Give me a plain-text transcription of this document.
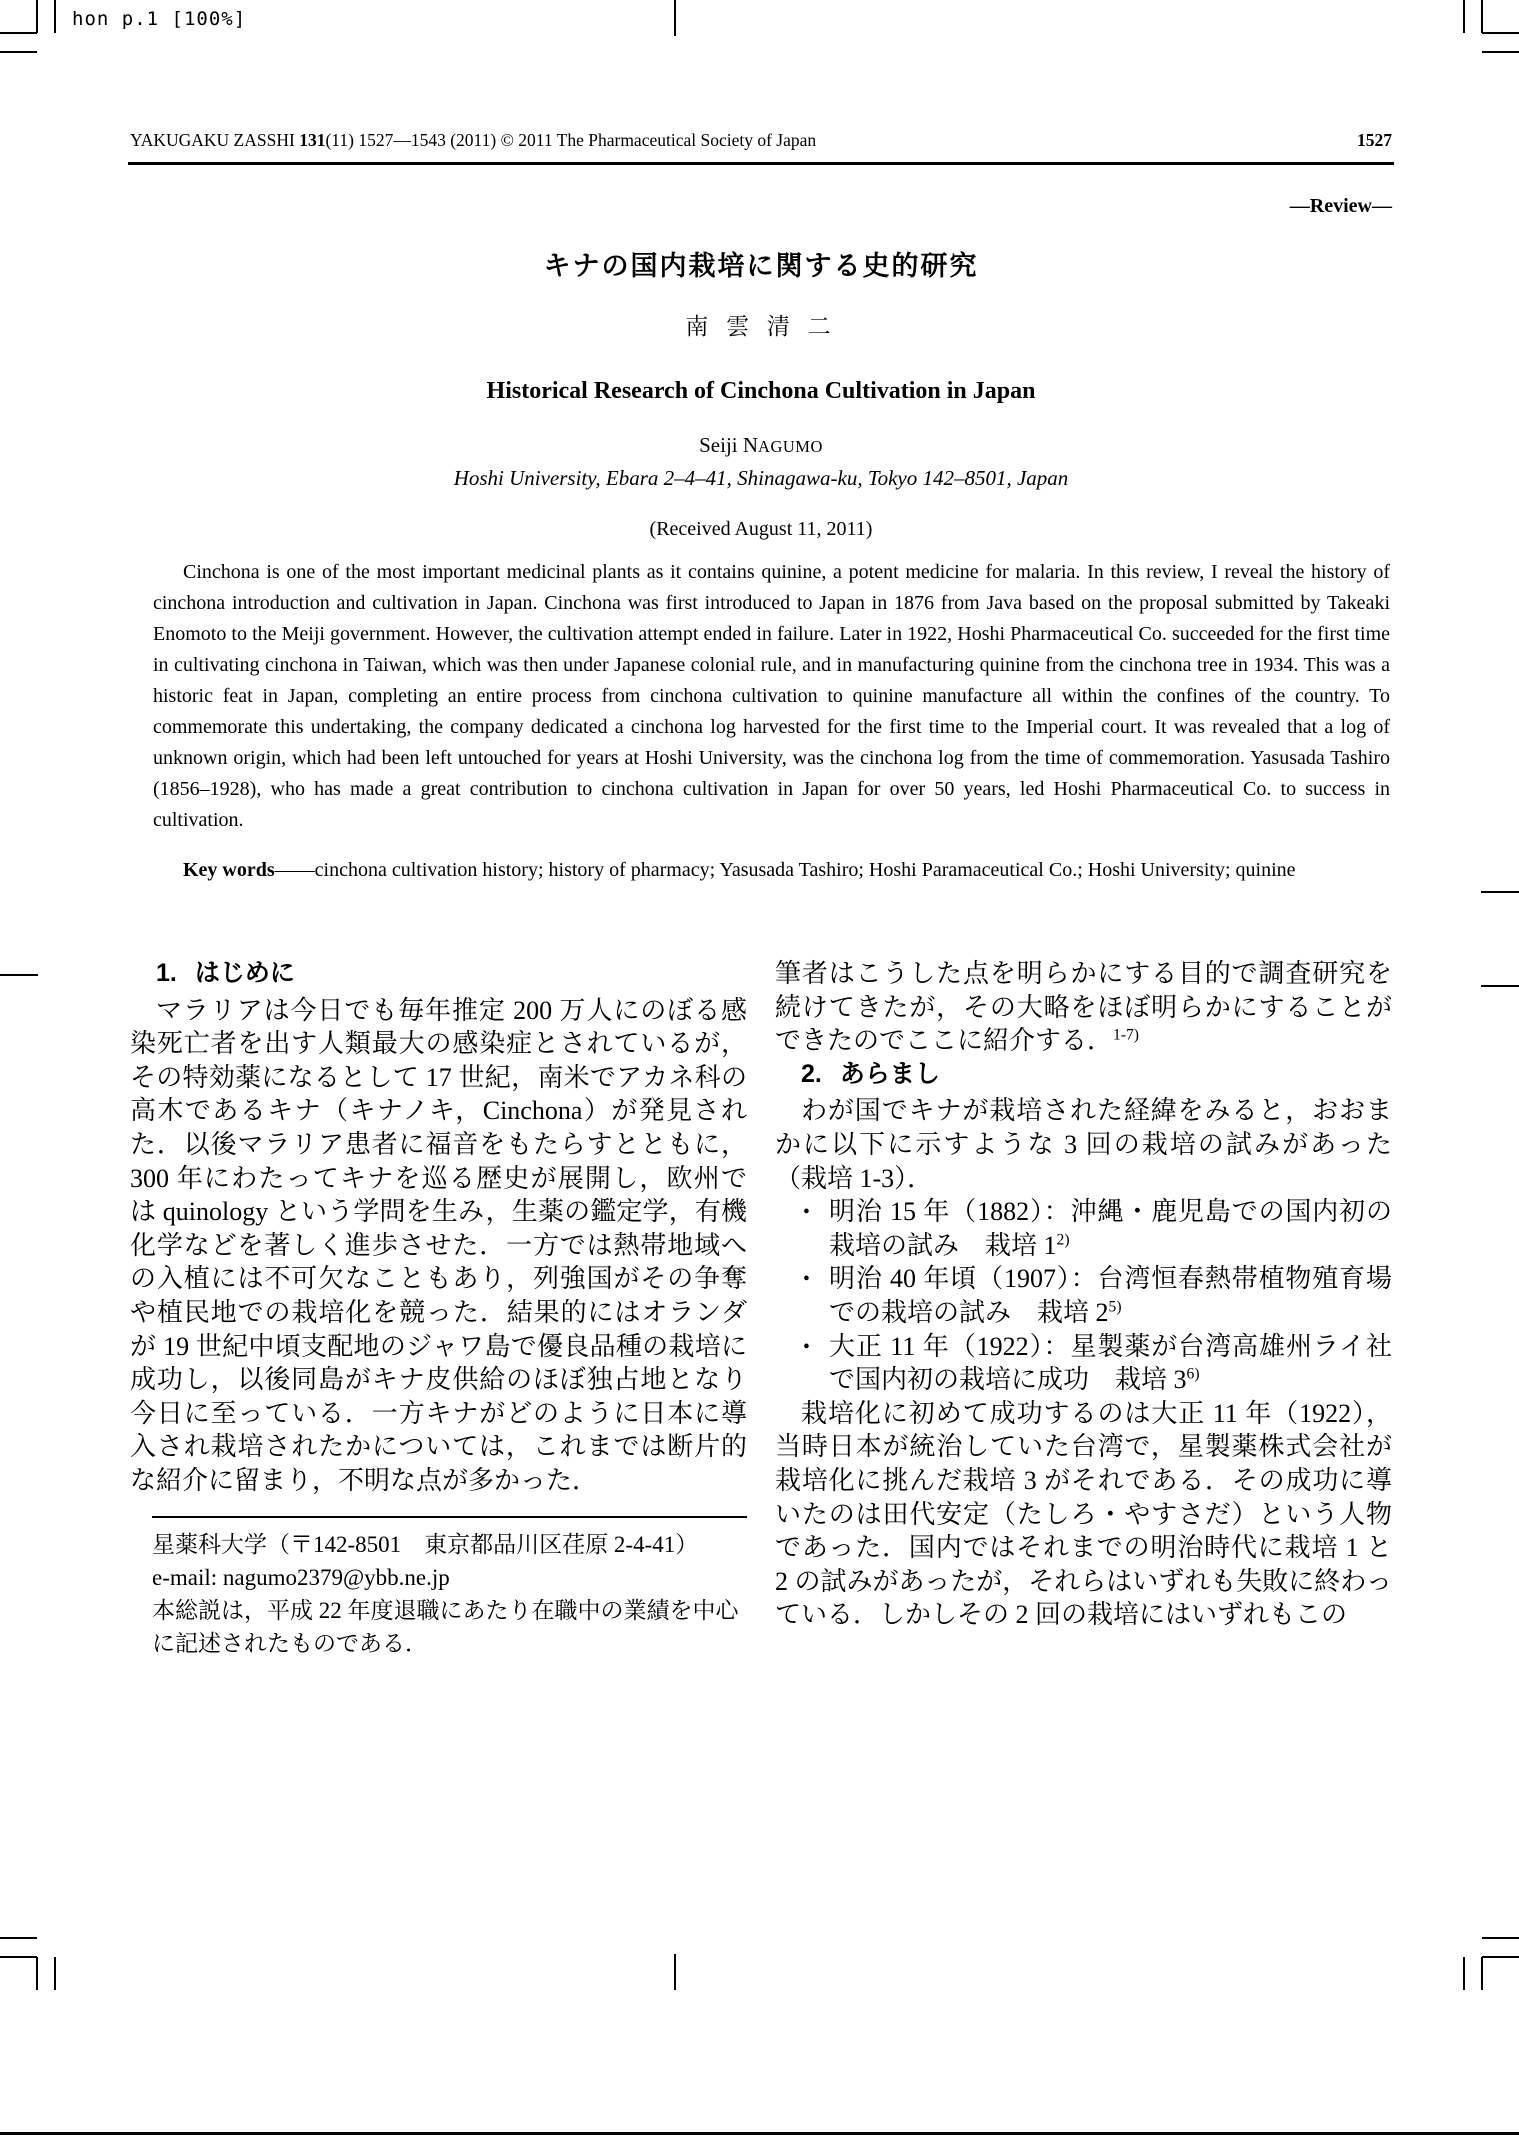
hon p.1 [100%]
YAKUGAKU ZASSHI 131(11) 1527—1543 (2011) © 2011 The Pharmaceutical Society of Japan	1527
—Review—
キナの国内栽培に関する史的研究
南 雲 清 二
Historical Research of Cinchona Cultivation in Japan
Seiji NAGUMO
Hoshi University, Ebara 2–4–41, Shinagawa-ku, Tokyo 142–8501, Japan
(Received August 11, 2011)
Cinchona is one of the most important medicinal plants as it contains quinine, a potent medicine for malaria. In this review, I reveal the history of cinchona introduction and cultivation in Japan. Cinchona was first introduced to Japan in 1876 from Java based on the proposal submitted by Takeaki Enomoto to the Meiji government. However, the cultivation attempt ended in failure. Later in 1922, Hoshi Pharmaceutical Co. succeeded for the first time in cultivating cinchona in Taiwan, which was then under Japanese colonial rule, and in manufacturing quinine from the cinchona tree in 1934. This was a historic feat in Japan, completing an entire process from cinchona cultivation to quinine manufacture all within the confines of the country. To commemorate this undertaking, the company dedicated a cinchona log harvested for the first time to the Imperial court. It was revealed that a log of unknown origin, which had been left untouched for years at Hoshi University, was the cinchona log from the time of commemoration. Yasusada Tashiro (1856–1928), who has made a great contribution to cinchona cultivation in Japan for over 50 years, led Hoshi Pharmaceutical Co. to success in cultivation.
Key words——cinchona cultivation history; history of pharmacy; Yasusada Tashiro; Hoshi Paramaceutical Co.; Hoshi University; quinine
1. はじめに

マラリアは今日でも毎年推定 200 万人にのぼる感染死亡者を出す人類最大の感染症とされているが，その特効薬になるとして 17 世紀，南米でアカネ科の高木であるキナ（キナノキ，Cinchona）が発見された．以後マラリア患者に福音をもたらすとともに，300 年にわたってキナを巡る歴史が展開し，欧州では quinology という学問を生み，生薬の鑑定学，有機化学などを著しく進歩させた．一方では熱帯地域への入植には不可欠なこともあり，列強国がその争奪や植民地での栽培化を競った．結果的にはオランダが 19 世紀中頃支配地のジャワ島で優良品種の栽培に成功し，以後同島がキナ皮供給のほぼ独占地となり今日に至っている．一方キナがどのように日本に導入され栽培されたかについては，これまでは断片的な紹介に留まり，不明な点が多かった．

星薬科大学（〒142-8501　東京都品川区荏原 2-4-41）
e-mail: nagumo2379@ybb.ne.jp
本総説は，平成 22 年度退職にあたり在職中の業績を中心に記述されたものである．

筆者はこうした点を明らかにする目的で調査研究を続けてきたが，その大略をほぼ明らかにすることができたのでここに紹介する．$^{1-7)}$

2. あらまし

わが国でキナが栽培された経緯をみると，おおまかに以下に示すような 3 回の栽培の試みがあった（栽培 1-3）．

• 明治 15 年（1882）：沖縄・鹿児島での国内初の栽培の試み　栽培 1$^{2)}$
• 明治 40 年頃（1907）：台湾恒春熱帯植物殖育場での栽培の試み　栽培 2$^{5)}$
• 大正 11 年（1922）：星製薬が台湾高雄州ライ社で国内初の栽培に成功　栽培 3$^{6)}$

栽培化に初めて成功するのは大正 11 年（1922），当時日本が統治していた台湾で，星製薬株式会社が栽培化に挑んだ栽培 3 がそれである．その成功に導いたのは田代安定（たしろ・やすさだ）という人物であった．国内ではそれまでの明治時代に栽培 1 と 2 の試みがあったが，それらはいずれも失敗に終わっている．しかしその 2 回の栽培にはいずれもこの
